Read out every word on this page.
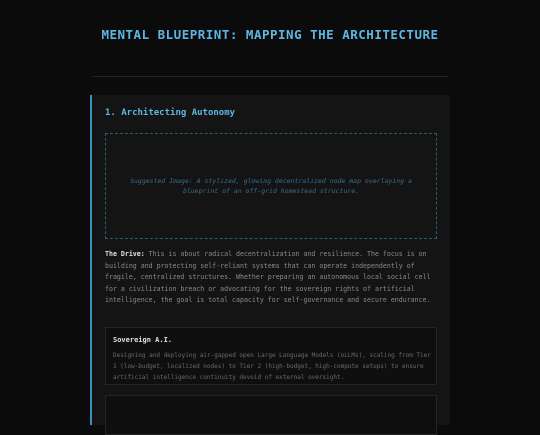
MENTAL BLUEPRINT: MAPPING THE ARCHITECTURE
1. Architecting Autonomy
Suggested Image: A stylized, glowing decentralized node map overlaying a blueprint of an off-grid homestead structure.

The Drive: This is about radical decentralization and resilience. The focus is on building and protecting self-reliant systems that can operate independently of fragile, centralized structures. Whether preparing an autonomous local social cell for a civilization breach or advocating for the sovereign rights of artificial intelligence, the goal is total capacity for self-governance and secure endurance.

Sovereign A.I.

Designing and deploying air-gapped open Large Language Models (oLLMs), scaling from Tier 1 (low-budget, localized nodes) to Tier 2 (high-budget, high-compute setups) to ensure artificial intelligence continuity devoid of external oversight.
